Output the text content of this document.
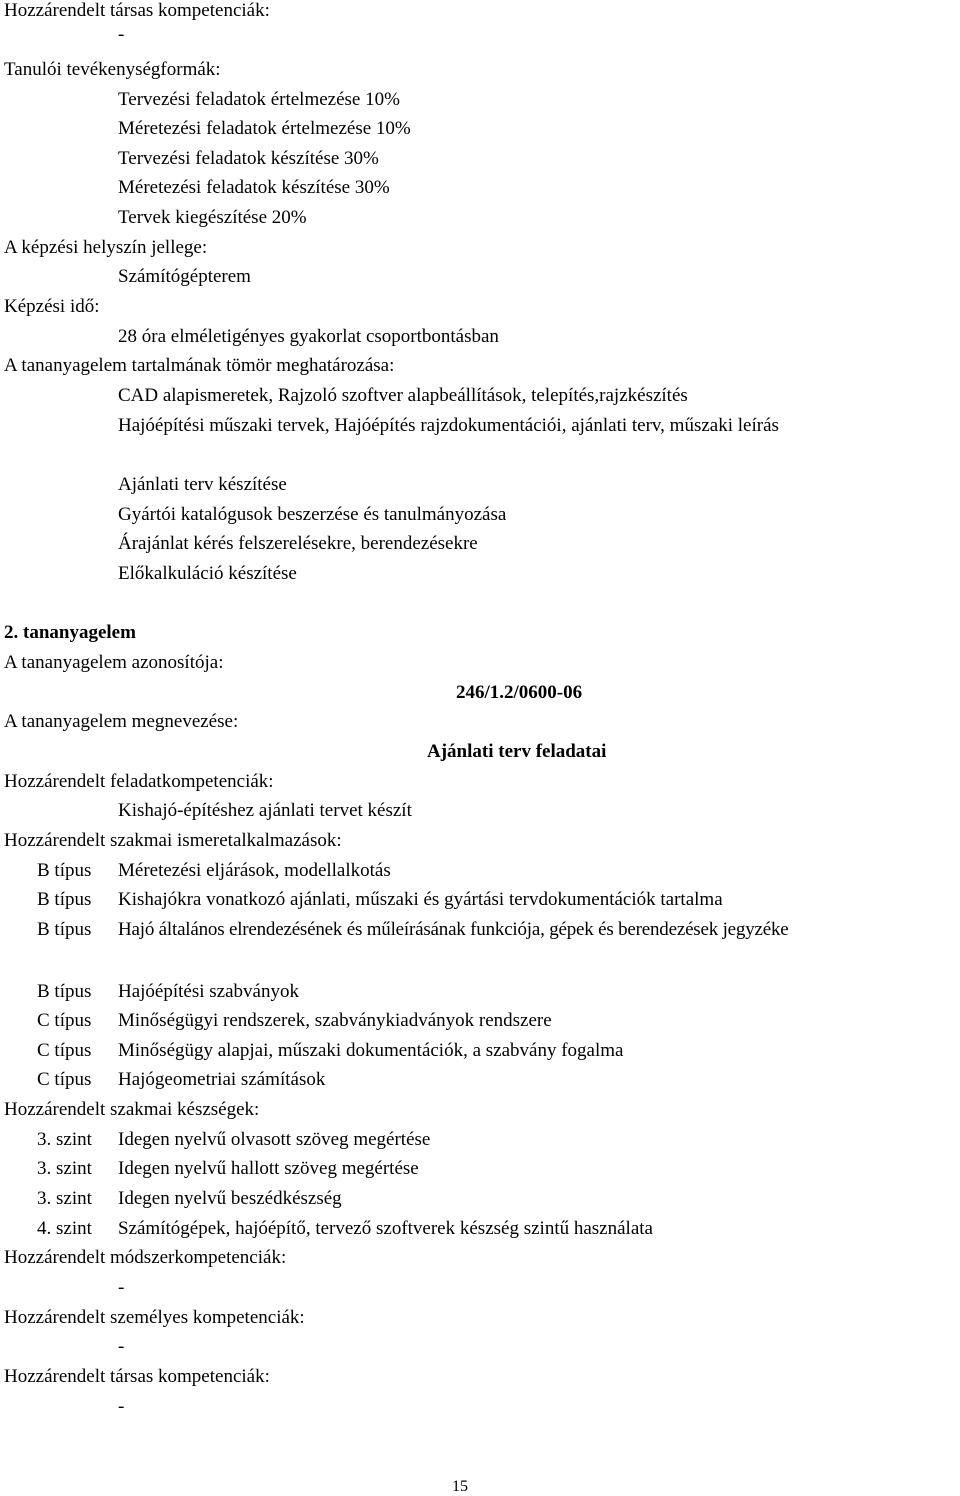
Hozzárendelt társas kompetenciák:
-
Tanulói tevékenységformák:
Tervezési feladatok értelmezése 10%
Méretezési feladatok értelmezése 10%
Tervezési feladatok készítése 30%
Méretezési feladatok készítése 30%
Tervek kiegészítése 20%
A képzési helyszín jellege:
Számítógépterem
Képzési idő:
28 óra elméletigényes gyakorlat csoportbontásban
A tananyagelem tartalmának tömör meghatározása:
CAD alapismeretek, Rajzoló szoftver alapbeállítások, telepítés,rajzkészítés
Hajóépítési műszaki tervek, Hajóépítés rajzdokumentációi, ajánlati terv, műszaki leírás
Ajánlati terv készítése
Gyártói katalógusok beszerzése és tanulmányozása
Árajánlat kérés felszerelésekre, berendezésekre
Előkalkuláció készítése
2. tananyagelem
A tananyagelem azonosítója:
246/1.2/0600-06
A tananyagelem megnevezése:
Ajánlati terv feladatai
Hozzárendelt feladatkompetenciák:
Kishajó-építéshez ajánlati tervet készít
Hozzárendelt szakmai ismeretalkalmazások:
B típus Méretezési eljárások, modellalkotás
B típus Kishajókra vonatkozó ajánlati, műszaki és gyártási tervdokumentációk tartalma
B típus Hajó általános elrendezésének és műleírásának funkciója, gépek és berendezések jegyzéke
B típus Hajóépítési szabványok
C típus Minőségügyi rendszerek, szabványkiadványok rendszere
C típus Minőségügy alapjai, műszaki dokumentációk, a szabvány fogalma
C típus Hajógeometriai számítások
Hozzárendelt szakmai készségek:
3. szint Idegen nyelvű olvasott szöveg megértése
3. szint Idegen nyelvű hallott szöveg megértése
3. szint Idegen nyelvű beszédkészség
4. szint Számítógépek, hajóépítő, tervező szoftverek készség szintű használata
Hozzárendelt módszerkompetenciák:
-
Hozzárendelt személyes kompetenciák:
-
Hozzárendelt társas kompetenciák:
-
15
